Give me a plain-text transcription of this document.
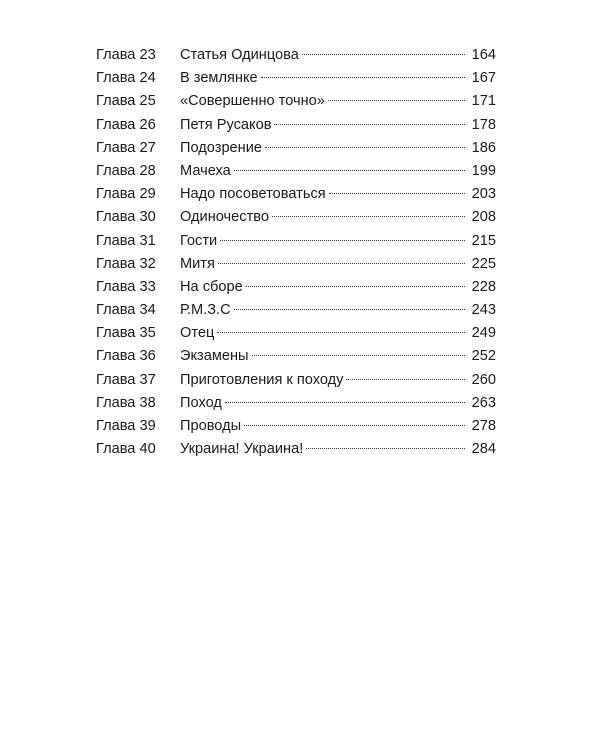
Глава 23	Статья Одинцова	164
Глава 24	В землянке	167
Глава 25	«Совершенно точно»	171
Глава 26	Петя Русаков	178
Глава 27	Подозрение	186
Глава 28	Мачеха	199
Глава 29	Надо посоветоваться	203
Глава 30	Одиночество	208
Глава 31	Гости	215
Глава 32	Митя	225
Глава 33	На сборе	228
Глава 34	Р.М.З.С	243
Глава 35	Отец	249
Глава 36	Экзамены	252
Глава 37	Приготовления к походу	260
Глава 38	Поход	263
Глава 39	Проводы	278
Глава 40	Украина! Украина!	284
